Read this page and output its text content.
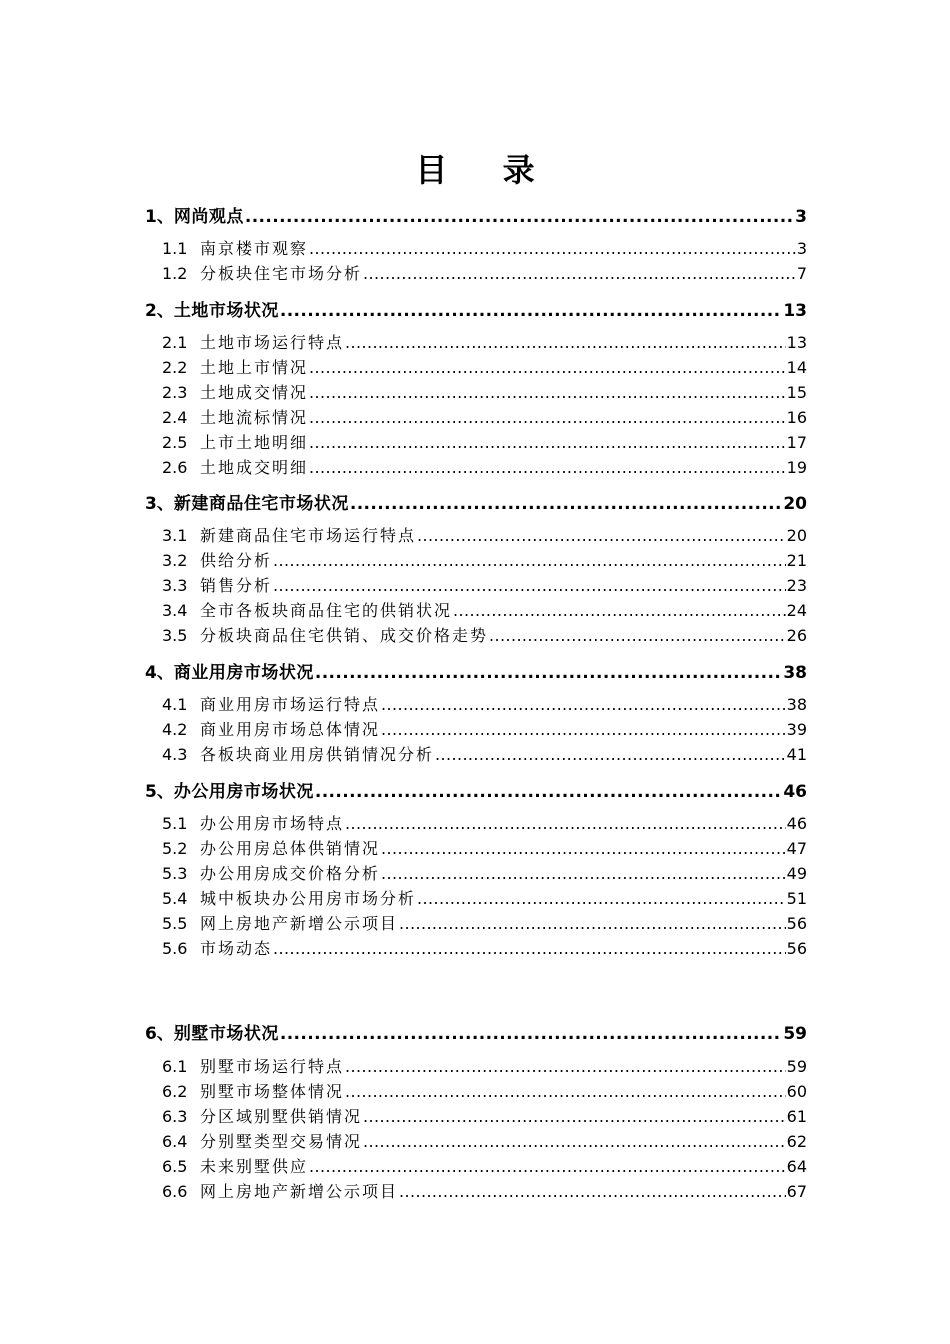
目 录
1、 网尚观点 .....	3
1.1 南京楼市观察 .....	3
1.2 分板块住宅市场分析 .....	7
2、 土地市场状况 .....	13
2.1 土地市场运行特点 .....	13
2.2 土地上市情况 .....	14
2.3 土地成交情况 .....	15
2.4 土地流标情况 .....	16
2.5 上市土地明细 .....	17
2.6 土地成交明细 .....	19
3、 新建商品住宅市场状况 .....	20
3.1 新建商品住宅市场运行特点 .....	20
3.2 供给分析 .....	21
3.3 销售分析 .....	23
3.4 全市各板块商品住宅的供销状况 .....	24
3.5 分板块商品住宅供销、成交价格走势 .....	26
4、 商业用房市场状况 .....	38
4.1 商业用房市场运行特点 .....	38
4.2 商业用房市场总体情况 .....	39
4.3 各板块商业用房供销情况分析 .....	41
5、 办公用房市场状况 .....	46
5.1 办公用房市场特点 .....	46
5.2 办公用房总体供销情况 .....	47
5.3 办公用房成交价格分析 .....	49
5.4 城中板块办公用房市场分析 .....	51
5.5 网上房地产新增公示项目 .....	56
5.6 市场动态 .....	56
6、 别墅市场状况 .....	59
6.1 别墅市场运行特点 .....	59
6.2 别墅市场整体情况 .....	60
6.3 分区域别墅供销情况 .....	61
6.4 分别墅类型交易情况 .....	62
6.5 未来别墅供应 .....	64
6.6 网上房地产新增公示项目 .....	67
